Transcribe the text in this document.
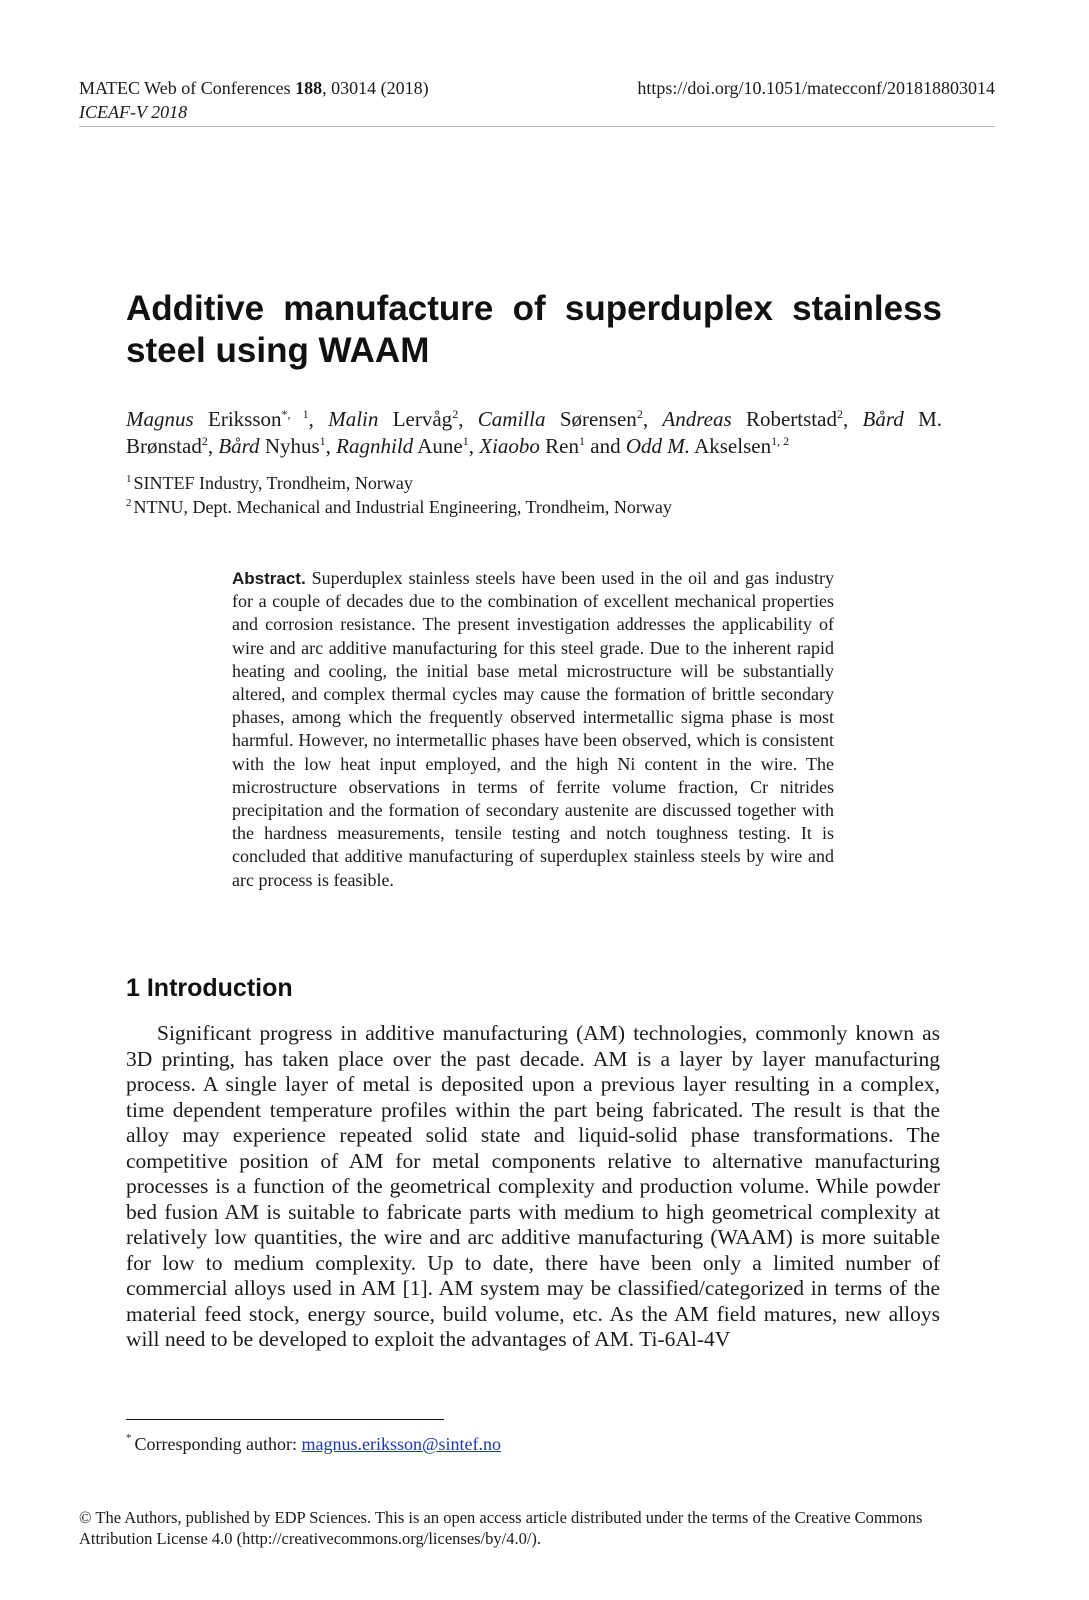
MATEC Web of Conferences 188, 03014 (2018)
ICEAF-V 2018
https://doi.org/10.1051/matecconf/201818803014
Additive manufacture of superduplex stainless steel using WAAM
Magnus Eriksson$^{*, 1}$, Malin Lervåg$^2$, Camilla Sørensen$^2$, Andreas Robertstad$^2$, Bård M. Brønstad$^2$, Bård Nyhus$^1$, Ragnhild Aune$^1$, Xiaobo Ren$^1$ and Odd M. Akselsen$^{1, 2}$
$^1$ SINTEF Industry, Trondheim, Norway
$^2$ NTNU, Dept. Mechanical and Industrial Engineering, Trondheim, Norway
Abstract. Superduplex stainless steels have been used in the oil and gas industry for a couple of decades due to the combination of excellent mechanical properties and corrosion resistance. The present investigation addresses the applicability of wire and arc additive manufacturing for this steel grade. Due to the inherent rapid heating and cooling, the initial base metal microstructure will be substantially altered, and complex thermal cycles may cause the formation of brittle secondary phases, among which the frequently observed intermetallic sigma phase is most harmful. However, no intermetallic phases have been observed, which is consistent with the low heat input employed, and the high Ni content in the wire. The microstructure observations in terms of ferrite volume fraction, Cr nitrides precipitation and the formation of secondary austenite are discussed together with the hardness measurements, tensile testing and notch toughness testing. It is concluded that additive manufacturing of superduplex stainless steels by wire and arc process is feasible.
1 Introduction

Significant progress in additive manufacturing (AM) technologies, commonly known as 3D printing, has taken place over the past decade. AM is a layer by layer manufacturing process. A single layer of metal is deposited upon a previous layer resulting in a complex, time dependent temperature profiles within the part being fabricated. The result is that the alloy may experience repeated solid state and liquid-solid phase transformations. The competitive position of AM for metal components relative to alternative manufacturing processes is a function of the geometrical complexity and production volume. While powder bed fusion AM is suitable to fabricate parts with medium to high geometrical complexity at relatively low quantities, the wire and arc additive manufacturing (WAAM) is more suitable for low to medium complexity. Up to date, there have been only a limited number of commercial alloys used in AM [1]. AM system may be classified/categorized in terms of the material feed stock, energy source, build volume, etc. As the AM field matures, new alloys will need to be developed to exploit the advantages of AM. Ti-6Al-4V

* Corresponding author: magnus.eriksson@sintef.no
© The Authors, published by EDP Sciences. This is an open access article distributed under the terms of the Creative Commons Attribution License 4.0 (http://creativecommons.org/licenses/by/4.0/).
